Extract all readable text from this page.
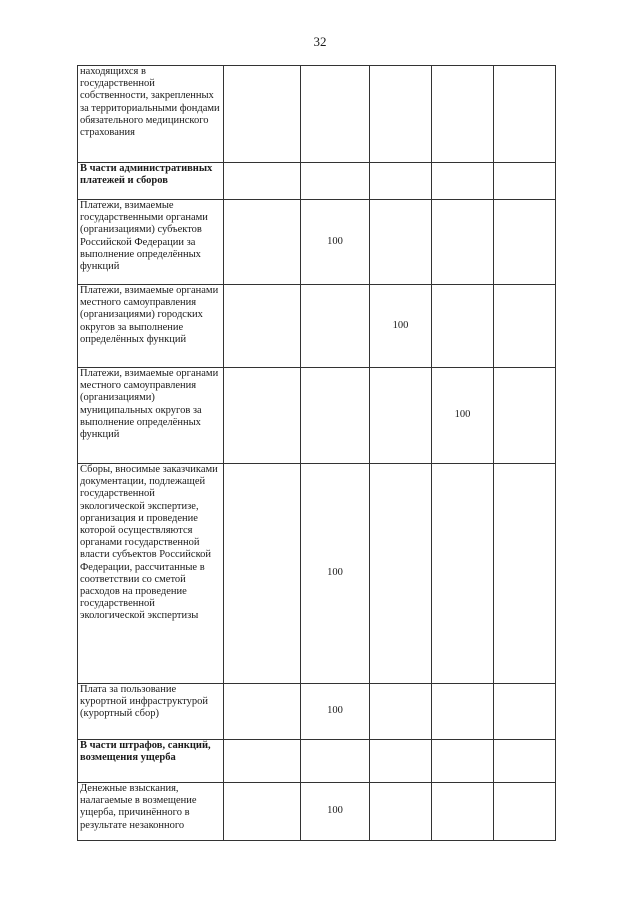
32
находящихся в государственной собственности, закрепленных за территориальными фондами обязательного медицинского страхования					
В части административных платежей и сборов					
Платежи, взимаемые государственными органами (организациями) субъектов Российской Федерации за выполнение определённых функций		100			
Платежи, взимаемые органами местного самоуправления (организациями) городских округов за выполнение определённых функций			100		
Платежи, взимаемые органами местного самоуправления (организациями) муниципальных округов за выполнение определённых функций				100	
Сборы, вносимые заказчиками документации, подлежащей государственной экологической экспертизе, организация и проведение которой осуществляются органами государственной власти субъектов Российской Федерации, рассчитанные в соответствии со сметой расходов на проведение государственной экологической экспертизы		100			
Плата за пользование курортной инфраструктурой (курортный сбор)		100			
В части штрафов, санкций, возмещения ущерба					
Денежные взыскания, налагаемые в возмещение ущерба, причинённого в результате незаконного		100			
